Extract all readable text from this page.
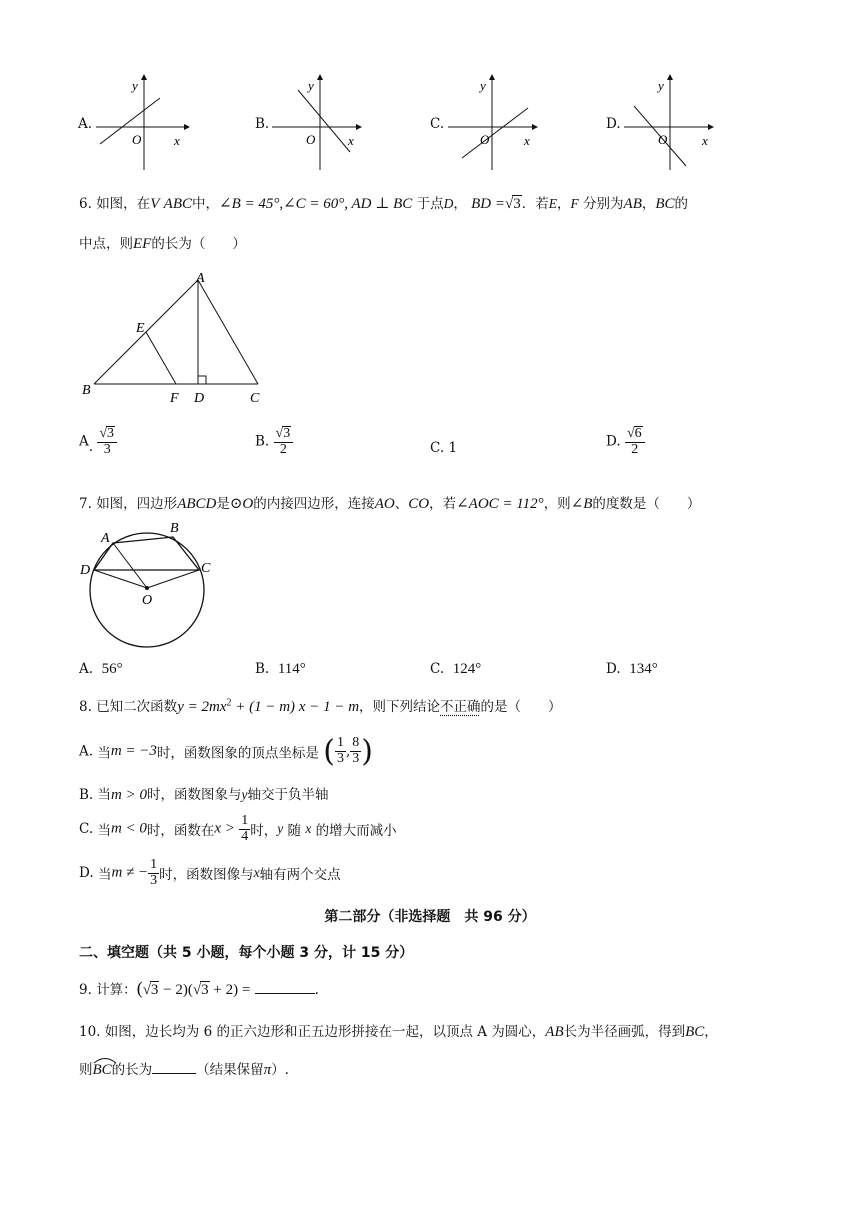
A.
y
x
O
B.
y
x
O
C.
y
x
O
D.
y
x
O
6. 如图，在V ABC中，∠B = 45°,∠C = 60°, AD ⊥ BC 于点D， BD =√3．若E，F 分别为AB，BC的
中点，则EF的长为（　　）
A
E
B
F D	C
$A\cdot \frac{√3}{3}$	B. $\frac{√3}{2}$	C. 1	D. $\frac{√6}{2}$
7. 如图，四边形ABCD是⊙O的内接四边形，连接AO、CO，若∠AOC = 112°，则∠B的度数是（　　）
A
B
C
D
O
A. 56°	B. 114°	C. 124°	D. 134°
8. 已知二次函数$y = 2mx^2 + (1 - m) x - 1 - m$，则下列结论不正确的是（　　）
A. 当m = −3时，函数图象的顶点坐标是 ( $\frac{1}{3}$ , $\frac{8}{3}$ )
B. 当m > 0时，函数图象与y轴交于负半轴
C. 当m < 0时，函数在$x > \frac{1}{4}$ 时，y 随 x 的增大而减小
D. 当m ≠ − $\frac{1}{3}$ 时，函数图像与x轴有两个交点
第二部分（非选择题　共 96 分）
二、填空题（共 5 小题，每个小题 3 分，计 15 分）
9. 计算：(√3 − 2)(√3 + 2) =	.
10. 如图，边长均为 6 的正六边形和正五边形拼接在一起，以顶点 A 为圆心，AB长为半径画弧，得到BC，
则
BC的长为	（结果保留π）.
